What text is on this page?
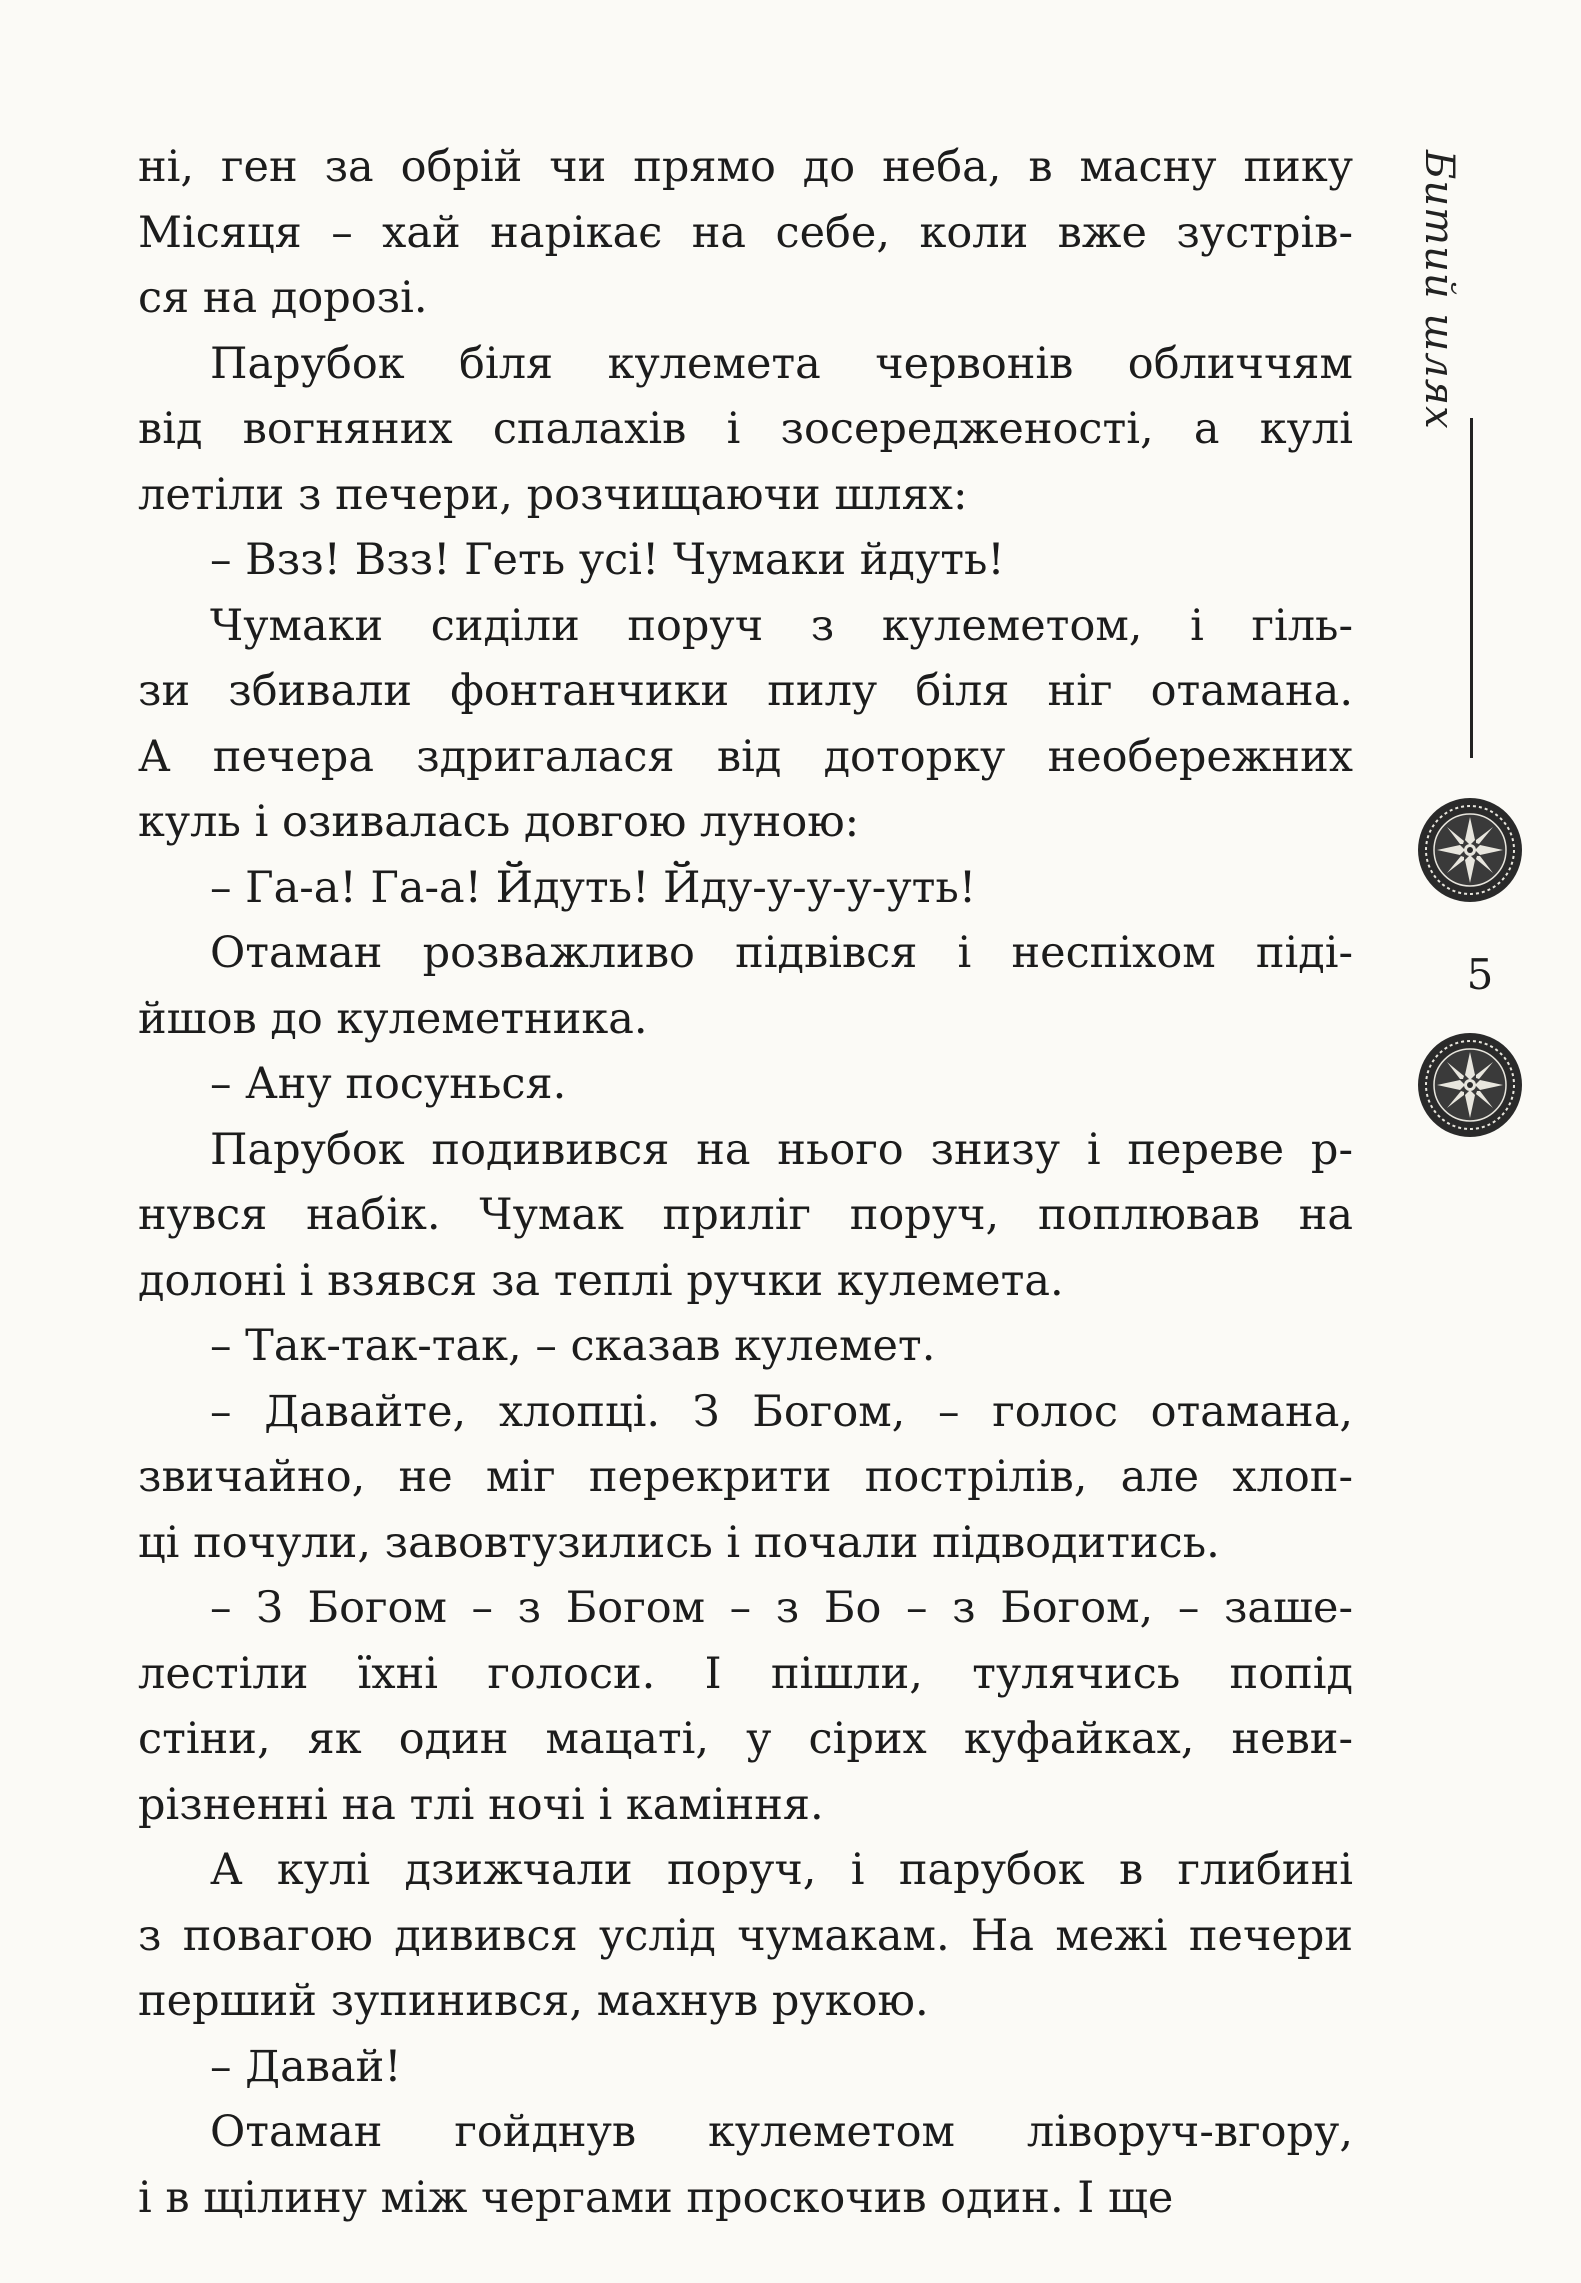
ні, ген за обрій чи прямо до неба, в масну пику
Місяця – хай нарікає на себе, коли вже зустрів-
ся на дорозі.

Парубок біля кулемета червонів обличчям
від вогняних спалахів і зосередженості, а кулі
летіли з печери, розчищаючи шлях:

– Взз! Взз! Геть усі! Чумаки йдуть!

Чумаки сиділи поруч з кулеметом, і гіль-
зи збивали фонтанчики пилу біля ніг отамана.
А печера здригалася від доторку необережних
куль і озивалась довгою луною:

– Га-а! Га-а! Йдуть! Йду-у-у-у-уть!

Отаман розважливо підвівся і неспіхом піді-
йшов до кулеметника.

– Ану посунься.

Парубок подивився на нього знизу і переве р-
нувся набік. Чумак приліг поруч, поплював на
долоні і взявся за теплі ручки кулемета.

– Так-так-так, – сказав кулемет.

– Давайте, хлопці. З Богом, – голос отамана,
звичайно, не міг перекрити пострілів, але хлоп-
ці почули, завовтузились і почали підводитись.

– З Богом – з Богом – з Бо – з Богом, – заше-
лестіли їхні голоси. І пішли, тулячись попід
стіни, як один мацаті, у сірих куфайках, неви-
різненні на тлі ночі і каміння.

А кулі дзижчали поруч, і парубок в глибині
з повагою дивився услід чумакам. На межі печери
перший зупинився, махнув рукою.

– Давай!

Отаман гойднув кулеметом ліворуч-вгору,
і в щілину між чергами проскочив один. І ще

Битий шлях
5
